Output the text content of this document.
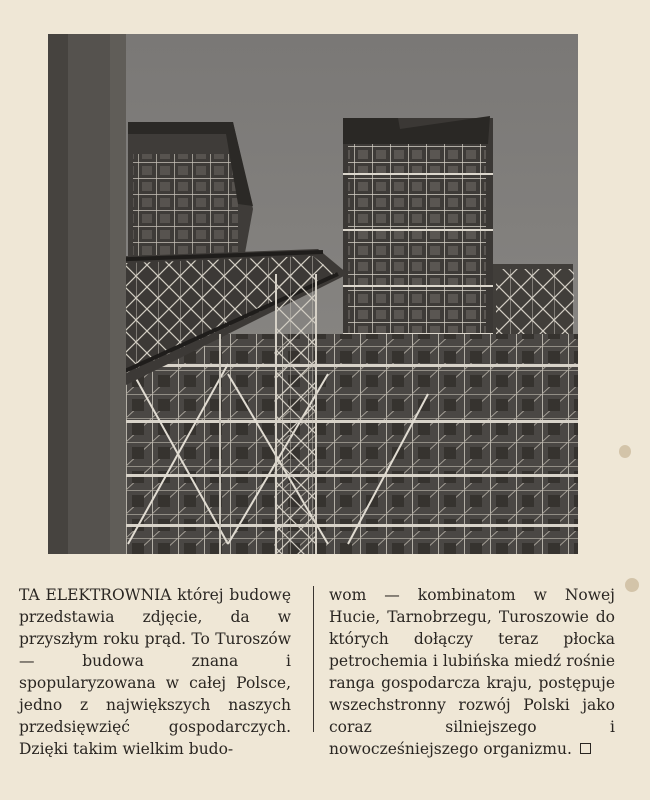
TA ELEKTROWNIA której budowę przedstawia zdjęcie, da w przyszłym roku prąd. To Turoszów — budowa znana i spopularyzowana w całej Polsce, jedno z największych naszych przedsięwzięć gospodarczych. Dzięki takim wielkim budo-

wom — kombinatom w Nowej Hucie, Tarnobrzegu, Turoszowie do których dołączy teraz płocka petrochemia i lubińska miedź rośnie ranga gospodarcza kraju, postępuje wszechstronny rozwój Polski jako coraz silniejszego i nowocześniejszego organizmu.
